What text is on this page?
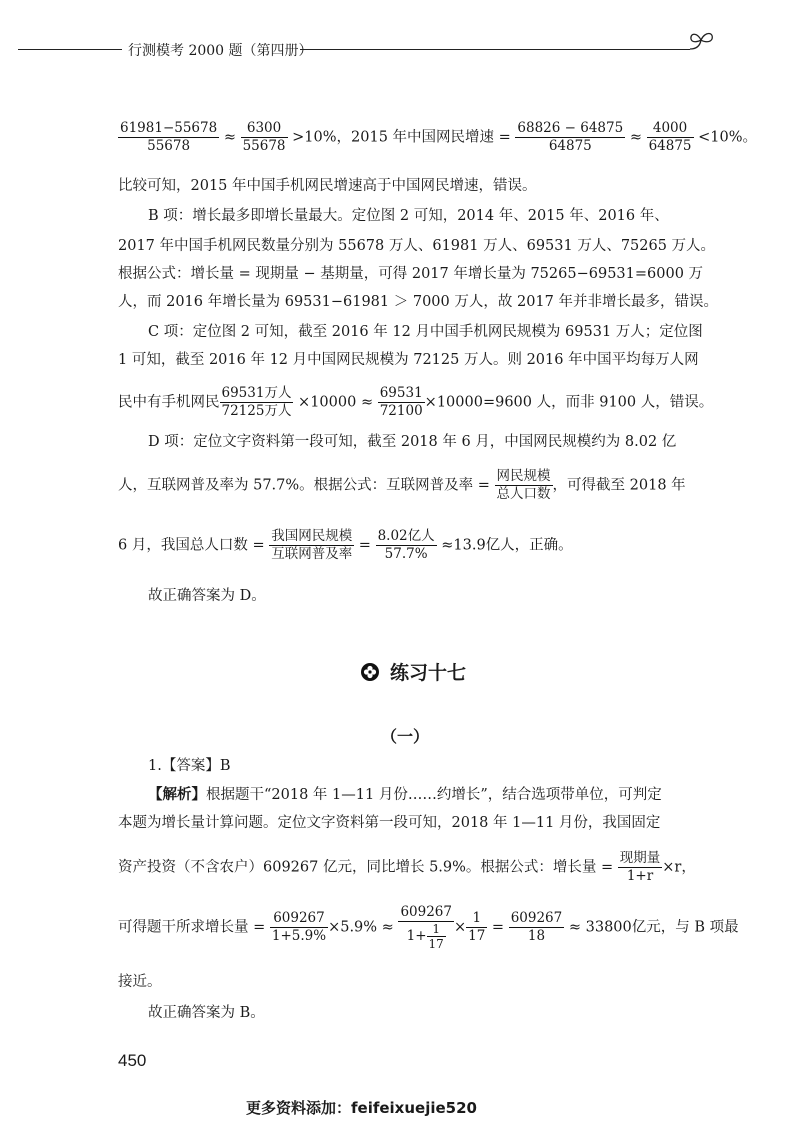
行测模考 2000 题（第四册）
$\frac{61981-55678}{55678} \approx \frac{6300}{55678} >10\%$，2015 年中国网民增速 = $\frac{68826 - 64875}{64875} \approx \frac{4000}{64875} <10\%$。
比较可知，2015 年中国手机网民增速高于中国网民增速，错误。
B 项：增长最多即增长量最大。定位图 2 可知，2014 年、2015 年、2016 年、
2017 年中国手机网民数量分别为 55678 万人、61981 万人、69531 万人、75265 万人。
根据公式：增长量 = 现期量 − 基期量，可得 2017 年增长量为 75265−69531=6000 万
人，而 2016 年增长量为 69531−61981 ＞ 7000 万人，故 2017 年并非增长最多，错误。
C 项：定位图 2 可知，截至 2016 年 12 月中国手机网民规模为 69531 万人；定位图
1 可知，截至 2016 年 12 月中国网民规模为 72125 万人。则 2016 年中国平均每万人网
民中有手机网民 $\frac{\text{69531万人}}{\text{72125万人}} \times 10000 \approx \frac{69531}{72100} \times 10000=9600$ 人，而非 9100 人，错误。
D 项：定位文字资料第一段可知，截至 2018 年 6 月，中国网民规模约为 8.02 亿
人，互联网普及率为 57.7%。根据公式：互联网普及率 = $\frac{\text{网民规模}}{\text{总人口数}}$ ，可得截至 2018 年
6 月，我国总人口数 = $\frac{\text{我国网民规模}}{\text{互联网普及率}} = \frac{\text{8.02亿人}}{57.7\%} \approx 13.9$亿人，正确。
故正确答案为 D。
练习十七
（一）
1.【答案】B
【解析】根据题干“2018 年 1—11 月份……约增长”，结合选项带单位，可判定
本题为增长量计算问题。定位文字资料第一段可知，2018 年 1—11 月份，我国固定
资产投资（不含农户）609267 亿元，同比增长 5.9%。根据公式：增长量 = $\frac{\text{现期量}}{1+r} \times r$，
可得题干所求增长量 = $\frac{609267}{1+5.9\%} \times 5.9\% \approx \frac{609267}{1+ \frac{1}{17}} \times \frac{1}{17} = \frac{609267}{18} \approx 33800$亿元，与 B 项最
接近。
故正确答案为 B。
450
更多资料添加：feifeixuejie520
